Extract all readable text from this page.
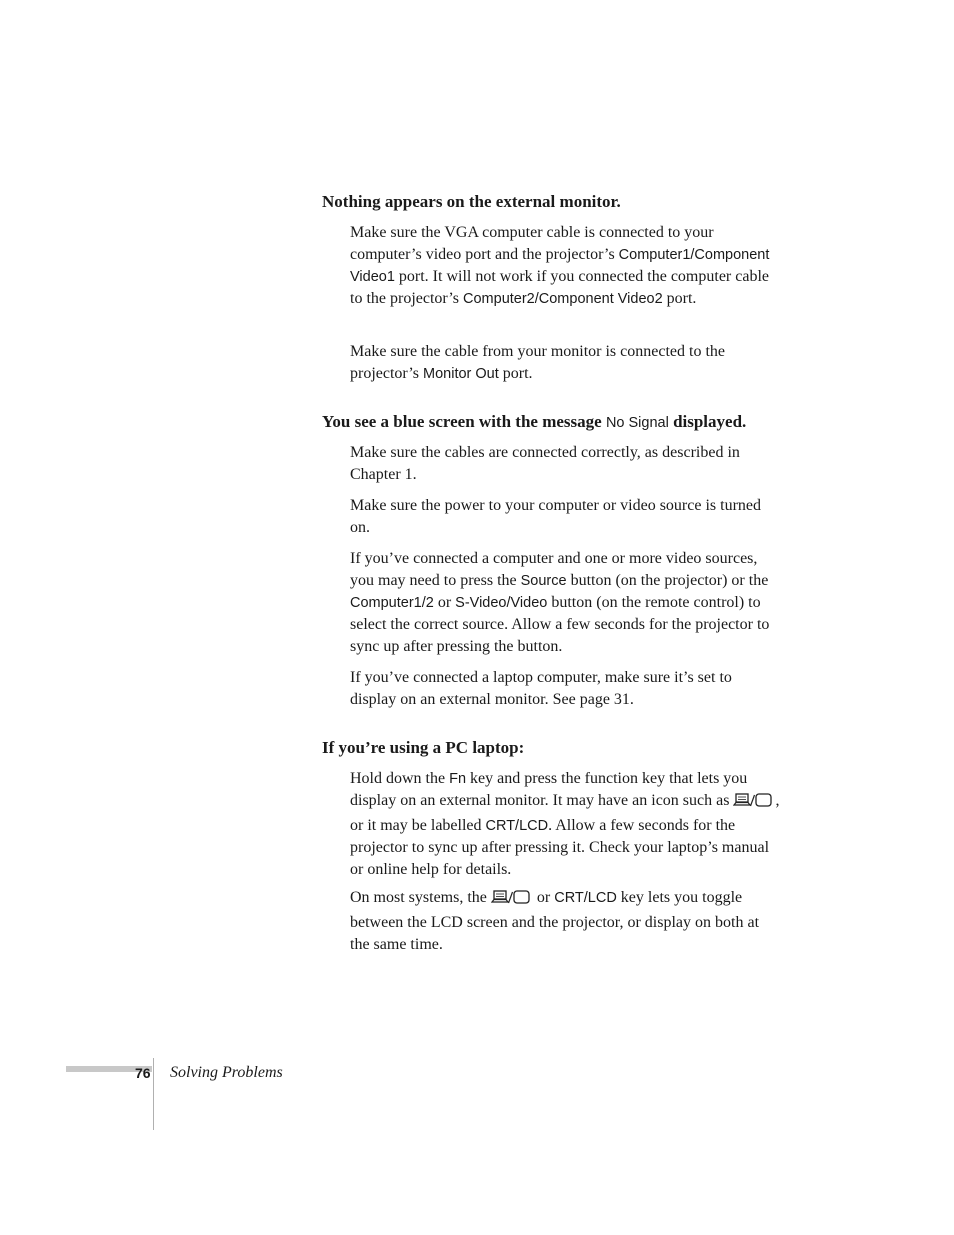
Nothing appears on the external monitor.
Make sure the VGA computer cable is connected to your computer’s video port and the projector’s Computer1/Component Video1 port. It will not work if you connected the computer cable to the projector’s Computer2/Component Video2 port.
Make sure the cable from your monitor is connected to the projector’s Monitor Out port.
You see a blue screen with the message No Signal displayed.
Make sure the cables are connected correctly, as described in Chapter 1.
Make sure the power to your computer or video source is turned on.
If you’ve connected a computer and one or more video sources, you may need to press the Source button (on the projector) or the Computer1/2 or S-Video/Video button (on the remote control) to select the correct source. Allow a few seconds for the projector to sync up after pressing the button.
If you’ve connected a laptop computer, make sure it’s set to display on an external monitor. See page 31.
If you’re using a PC laptop:
Hold down the Fn key and press the function key that lets you display on an external monitor. It may have an icon such as	, or it may be labelled CRT/LCD. Allow a few seconds for the projector to sync up after pressing it. Check your laptop’s manual or online help for details.
On most systems, the	or CRT/LCD key lets you toggle between the LCD screen and the projector, or display on both at the same time.
76 Solving Problems
